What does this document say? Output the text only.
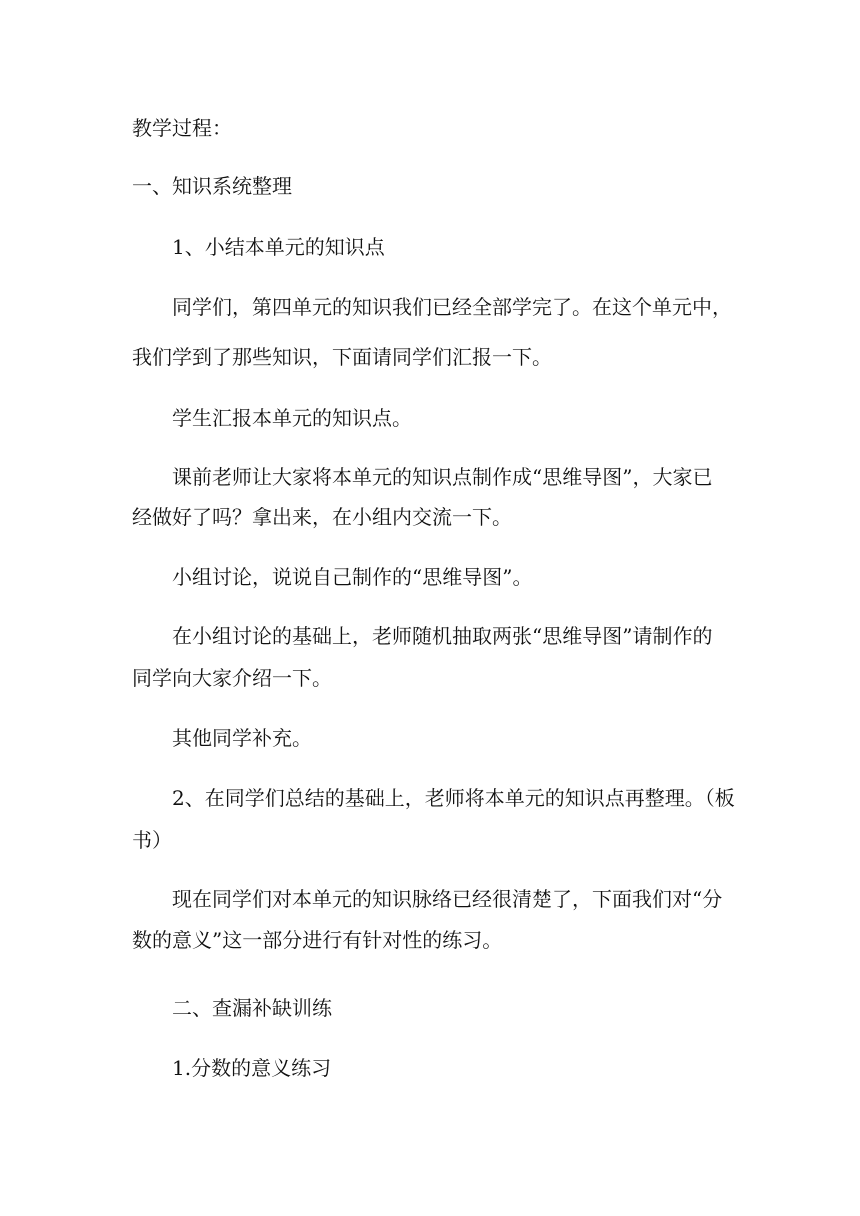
教学过程：
一、知识系统整理
1、小结本单元的知识点
同学们，第四单元的知识我们已经全部学完了。在这个单元中，
我们学到了那些知识，下面请同学们汇报一下。
学生汇报本单元的知识点。
课前老师让大家将本单元的知识点制作成“思维导图”，大家已
经做好了吗？拿出来，在小组内交流一下。
小组讨论，说说自己制作的“思维导图”。
在小组讨论的基础上，老师随机抽取两张“思维导图”请制作的
同学向大家介绍一下。
其他同学补充。
2、在同学们总结的基础上，老师将本单元的知识点再整理。（板
书）
现在同学们对本单元的知识脉络已经很清楚了，下面我们对“分
数的意义”这一部分进行有针对性的练习。
二、查漏补缺训练
1.分数的意义练习
